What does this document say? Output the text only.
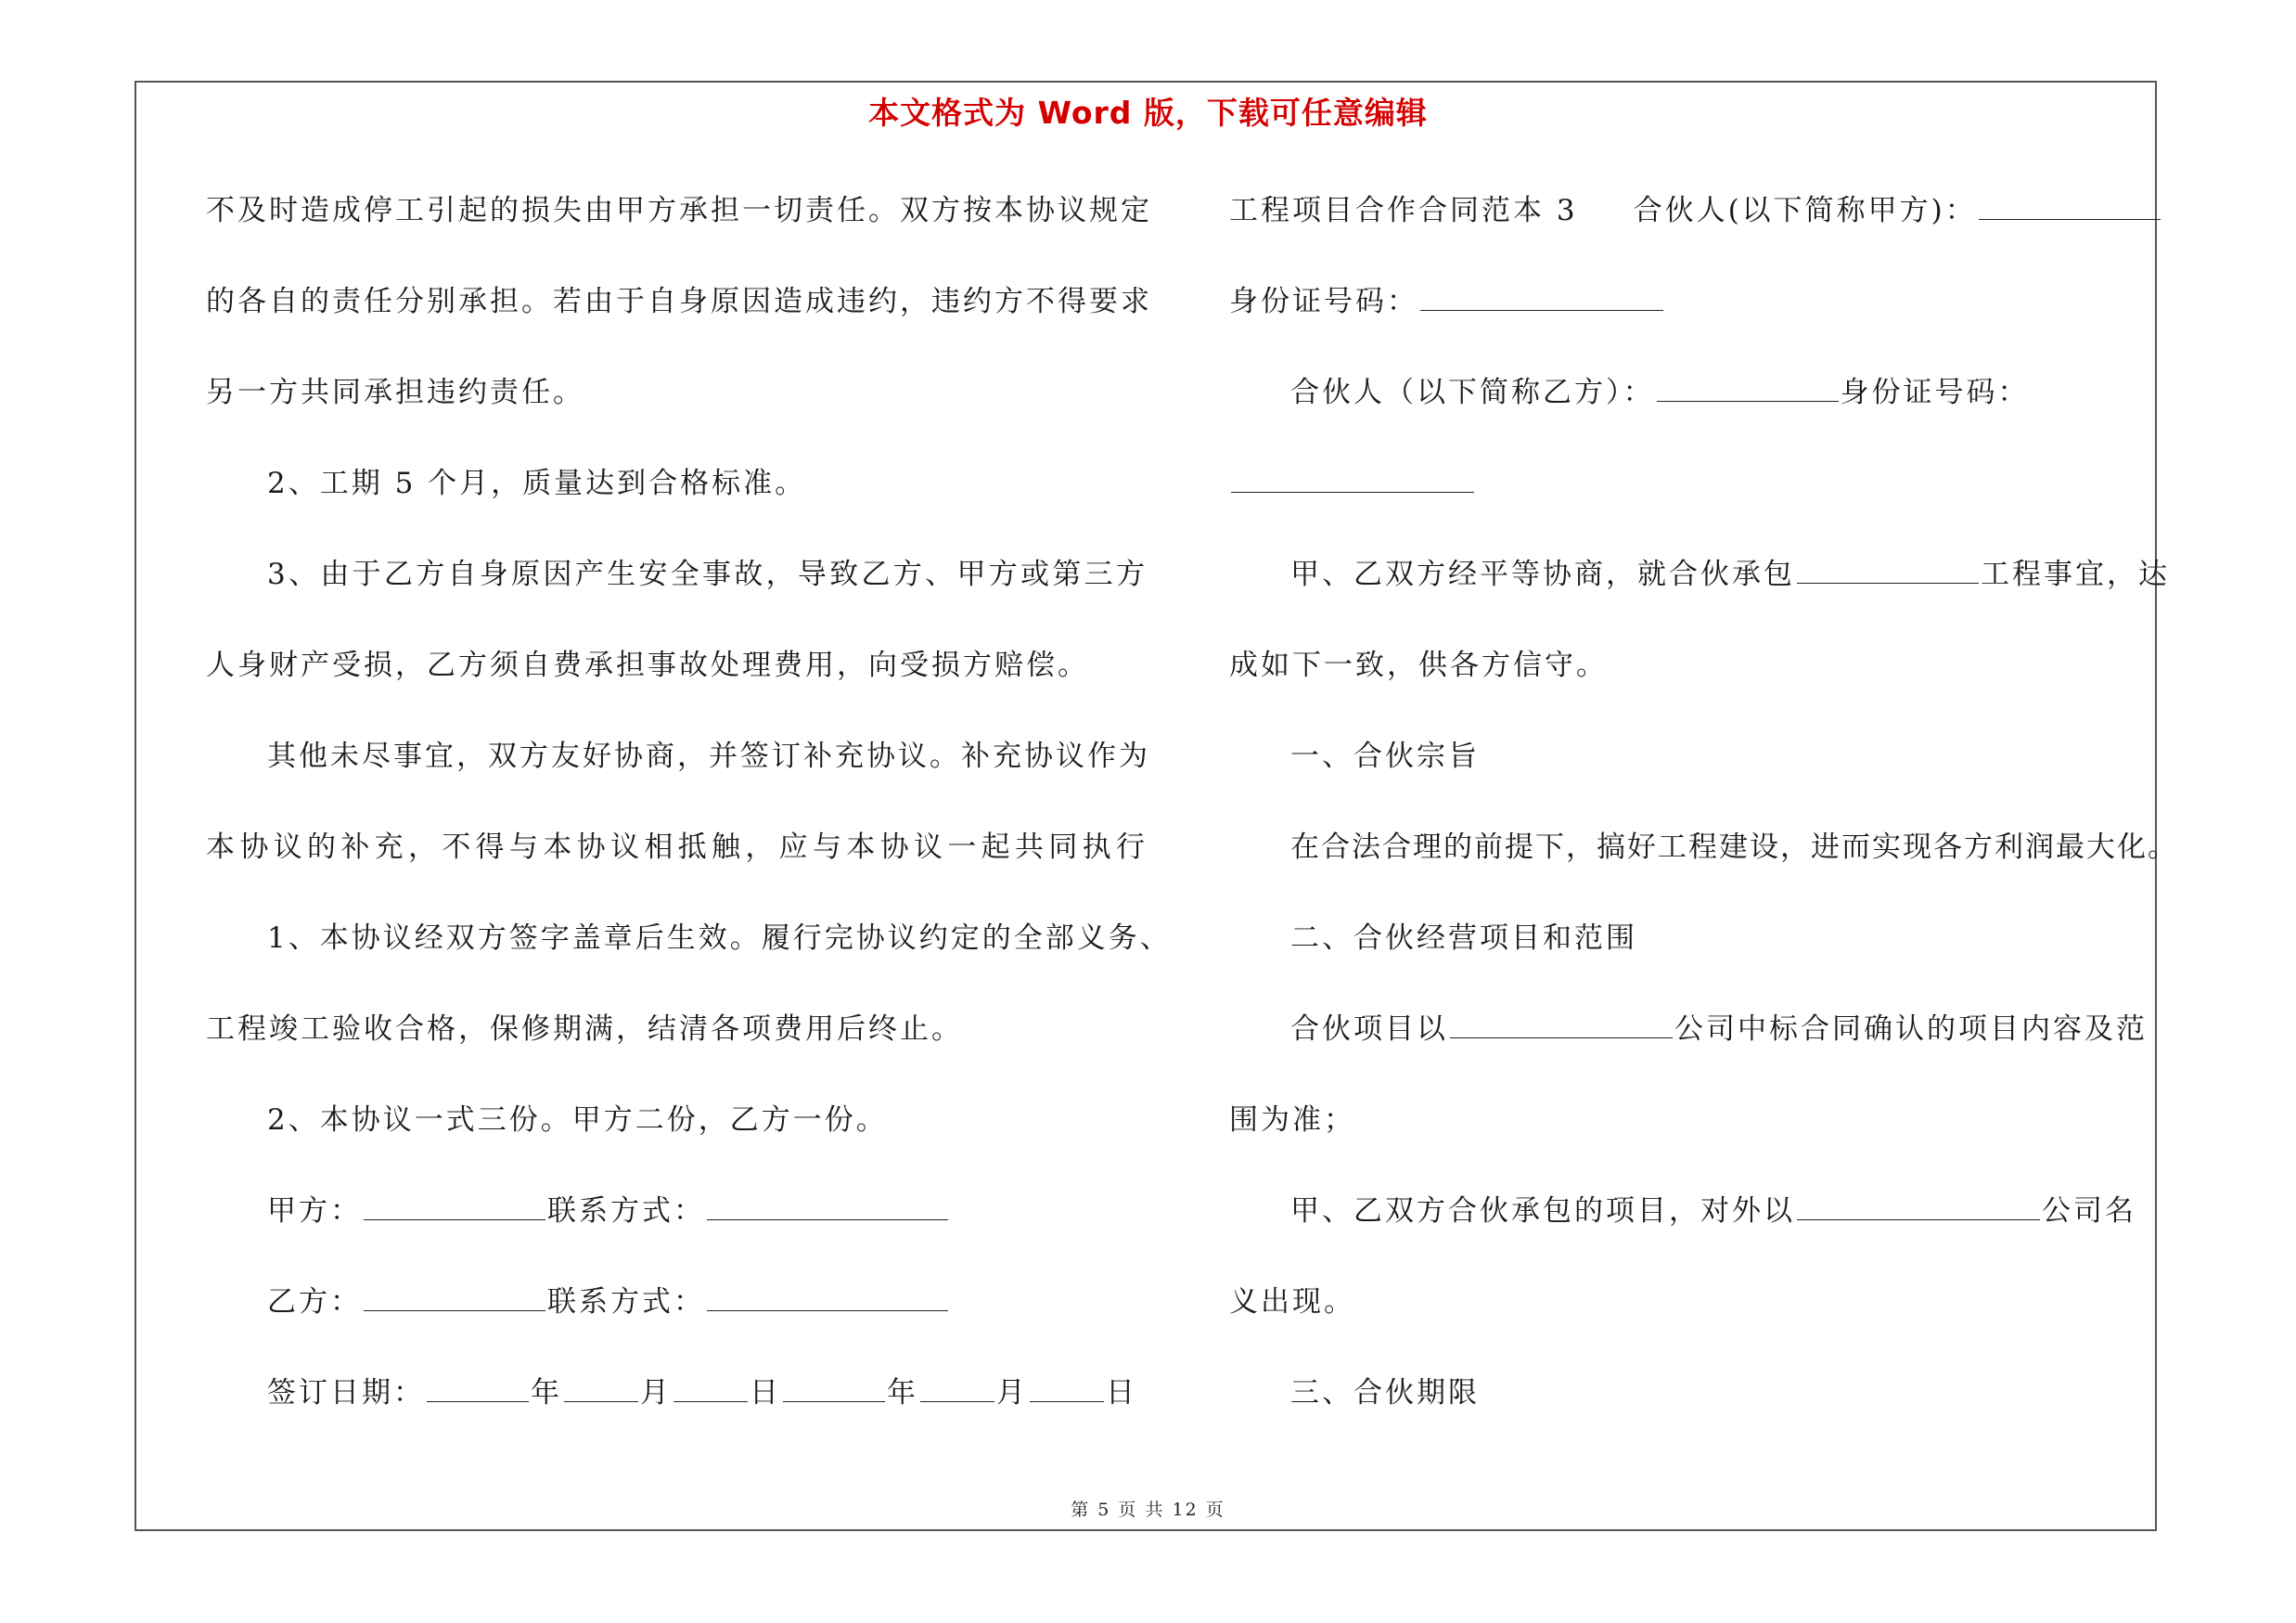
本文格式为 Word 版，下载可任意编辑
不及时造成停工引起的损失由甲方承担一切责任。双方按本协议规定
的各自的责任分别承担。若由于自身原因造成违约，违约方不得要求
另一方共同承担违约责任。
2、工期 5 个月，质量达到合格标准。
3、由于乙方自身原因产生安全事故，导致乙方、甲方或第三方
人身财产受损，乙方须自费承担事故处理费用，向受损方赔偿。
其他未尽事宜，双方友好协商，并签订补充协议。补充协议作为
本协议的补充，不得与本协议相抵触，应与本协议一起共同执行
1、本协议经双方签字盖章后生效。履行完协议约定的全部义务、
工程竣工验收合格，保修期满，结清各项费用后终止。
2、本协议一式三份。甲方二份，乙方一份。
甲方：	联系方式：
乙方：	联系方式：
签订日期：	年	月	日	年	月	日
工程项目合作合同范本 3 合伙人(以下简称甲方)：
身份证号码：
合伙人（以下简称乙方）：	身份证号码：
甲、乙双方经平等协商，就合伙承包	工程事宜，达
成如下一致，供各方信守。
一、合伙宗旨
在合法合理的前提下，搞好工程建设，进而实现各方利润最大化。
二、合伙经营项目和范围
合伙项目以	公司中标合同确认的项目内容及范
围为准；
甲、乙双方合伙承包的项目，对外以	公司名
义出现。
三、合伙期限
第 5 页 共 12 页
